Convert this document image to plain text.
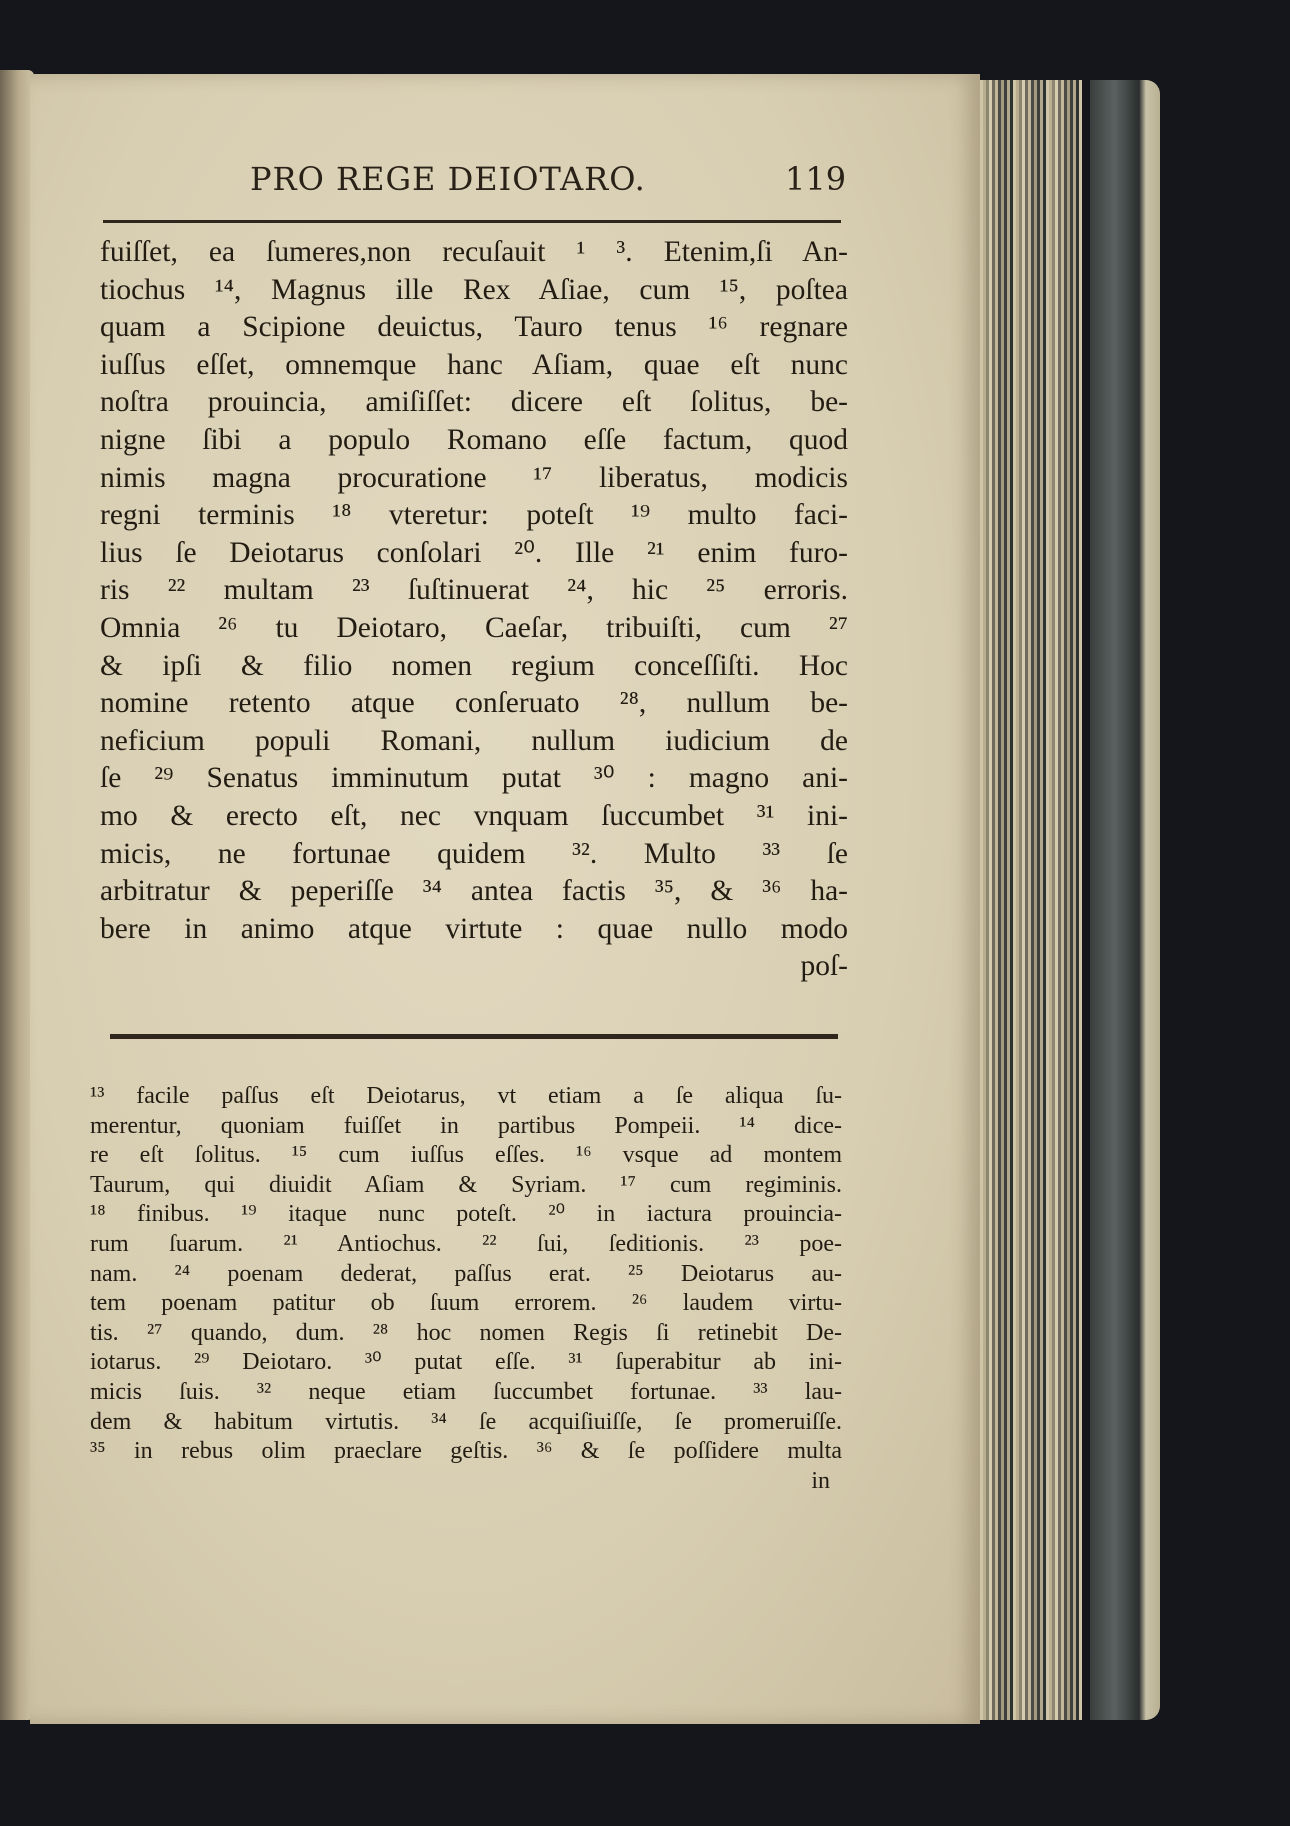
PRO REGE DEIOTARO.	119
fuiſſet, ea ſumeres,non recuſauit ¹ ³. Etenim,ſi An-
tiochus ¹⁴, Magnus ille Rex Aſiae, cum ¹⁵, poſtea
quam a Scipione deuictus, Tauro tenus ¹⁶ regnare
iuſſus eſſet, omnemque hanc Aſiam, quae eſt nunc
noſtra prouincia, amiſiſſet: dicere eſt ſolitus, be-
nigne ſibi a populo Romano eſſe factum, quod
nimis magna procuratione ¹⁷ liberatus, modicis
regni terminis ¹⁸ vteretur: poteſt ¹⁹ multo faci-
lius ſe Deiotarus conſolari ²⁰. Ille ²¹ enim furo-
ris ²² multam ²³ ſuſtinuerat ²⁴, hic ²⁵ erroris.
Omnia ²⁶ tu Deiotaro, Caeſar, tribuiſti, cum ²⁷
& ipſi & filio nomen regium conceſſiſti. Hoc
nomine retento atque conſeruato ²⁸, nullum be-
neficium populi Romani, nullum iudicium de
ſe ²⁹ Senatus imminutum putat ³⁰ : magno ani-
mo & erecto eſt, nec vnquam ſuccumbet ³¹ ini-
micis, ne fortunae quidem ³². Multo ³³ ſe
arbitratur & peperiſſe ³⁴ antea factis ³⁵, & ³⁶ ha-
bere in animo atque virtute : quae nullo modo
poſ-
¹³ facile paſſus eſt Deiotarus, vt etiam a ſe aliqua ſu-
merentur, quoniam fuiſſet in partibus Pompeii. ¹⁴ dice-
re eſt ſolitus. ¹⁵ cum iuſſus eſſes. ¹⁶ vsque ad montem
Taurum, qui diuidit Aſiam & Syriam. ¹⁷ cum regiminis.
¹⁸ finibus. ¹⁹ itaque nunc poteſt. ²⁰ in iactura prouincia-
rum ſuarum. ²¹ Antiochus. ²² ſui, ſeditionis. ²³ poe-
nam. ²⁴ poenam dederat, paſſus erat. ²⁵ Deiotarus au-
tem poenam patitur ob ſuum errorem. ²⁶ laudem virtu-
tis. ²⁷ quando, dum. ²⁸ hoc nomen Regis ſi retinebit De-
iotarus. ²⁹ Deiotaro. ³⁰ putat eſſe. ³¹ ſuperabitur ab ini-
micis ſuis. ³² neque etiam ſuccumbet fortunae. ³³ lau-
dem & habitum virtutis. ³⁴ ſe acquiſiuiſſe, ſe promeruiſſe.
³⁵ in rebus olim praeclare geſtis. ³⁶ & ſe poſſidere multa
in
